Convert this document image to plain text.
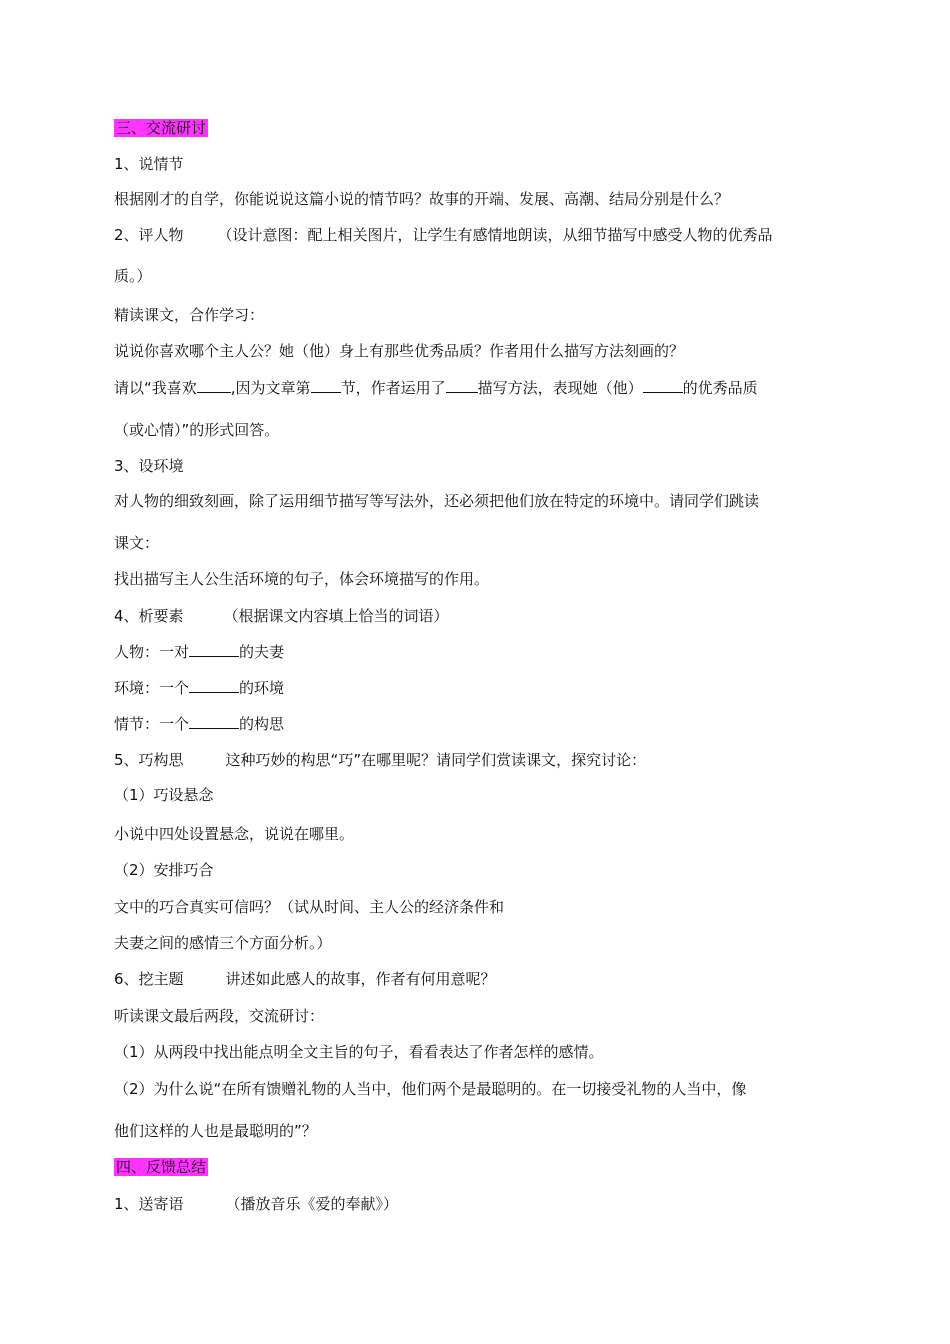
三、交流研讨
1、说情节
根据刚才的自学，你能说说这篇小说的情节吗？故事的开端、发展、高潮、结局分别是什么？
2、评人物 （设计意图：配上相关图片，让学生有感情地朗读，从细节描写中感受人物的优秀品
质。）
精读课文，合作学习：
说说你喜欢哪个主人公？她（他）身上有那些优秀品质？作者用什么描写方法刻画的？
请以“我喜欢 ,因为文章第 节，作者运用了 描写方法，表现她（他）	的优秀品质
（或心情）”的形式回答。
3、设环境
对人物的细致刻画，除了运用细节描写等写法外，还必须把他们放在特定的环境中。请同学们跳读
课文：
找出描写主人公生活环境的句子，体会环境描写的作用。
4、析要素	（根据课文内容填上恰当的词语）
人物：一对	的夫妻
环境：一个	的环境
情节：一个	的构思
5、巧构思	这种巧妙的构思“巧”在哪里呢？请同学们赏读课文，探究讨论：
（1）巧设悬念
小说中四处设置悬念，说说在哪里。
（2）安排巧合
文中的巧合真实可信吗？（试从时间、主人公的经济条件和
夫妻之间的感情三个方面分析。）
6、挖主题	讲述如此感人的故事，作者有何用意呢？
听读课文最后两段，交流研讨：
（1）从两段中找出能点明全文主旨的句子，看看表达了作者怎样的感情。
（2）为什么说“在所有馈赠礼物的人当中，他们两个是最聪明的。在一切接受礼物的人当中，像
他们这样的人也是最聪明的”？
四、反馈总结
1、送寄语	（播放音乐《爱的奉献》）
